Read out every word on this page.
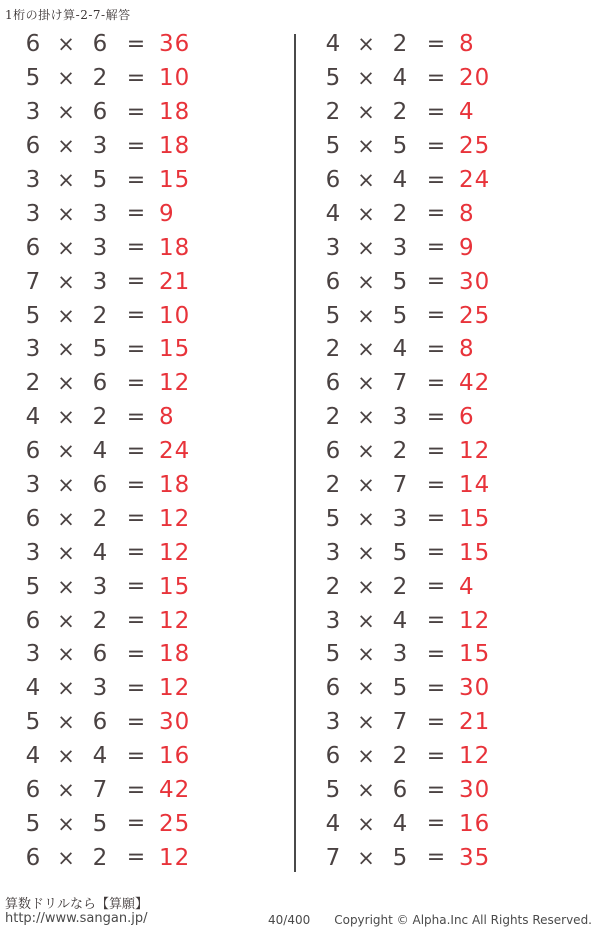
1桁の掛け算-2-7-解答
6 × 6 = 36
5 × 2 = 10
3 × 6 = 18
6 × 3 = 18
3 × 5 = 15
3 × 3 = 9
6 × 3 = 18
7 × 3 = 21
5 × 2 = 10
3 × 5 = 15
2 × 6 = 12
4 × 2 = 8
6 × 4 = 24
3 × 6 = 18
6 × 2 = 12
3 × 4 = 12
5 × 3 = 15
6 × 2 = 12
3 × 6 = 18
4 × 3 = 12
5 × 6 = 30
4 × 4 = 16
6 × 7 = 42
5 × 5 = 25
6 × 2 = 12
4 × 2 = 8
5 × 4 = 20
2 × 2 = 4
5 × 5 = 25
6 × 4 = 24
4 × 2 = 8
3 × 3 = 9
6 × 5 = 30
5 × 5 = 25
2 × 4 = 8
6 × 7 = 42
2 × 3 = 6
6 × 2 = 12
2 × 7 = 14
5 × 3 = 15
3 × 5 = 15
2 × 2 = 4
3 × 4 = 12
5 × 3 = 15
6 × 5 = 30
3 × 7 = 21
6 × 2 = 12
5 × 6 = 30
4 × 4 = 16
7 × 5 = 35
算数ドリルなら【算願】
http://www.sangan.jp/	40/400 Copyright © Alpha.Inc All Rights Reserved.
